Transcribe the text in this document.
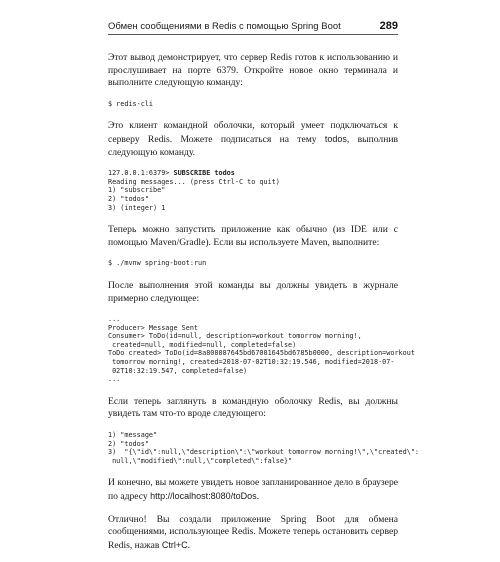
Обмен сообщениями в Redis с помощью Spring Boot	289

Этот вывод демонстрирует, что сервер Redis готов к использованию и прослушивает на порте 6379. Откройте новое окно терминала и выполните следующую команду:

$ redis-cli

Это клиент командной оболочки, который умеет подключаться к серверу Redis. Можете подписаться на тему todos, выполнив следующую команду.

127.0.0.1:6379> SUBSCRIBE todos
Reading messages... (press Ctrl-C to quit)
1) "subscribe"
2) "todos"
3) (integer) 1

Теперь можно запустить приложение как обычно (из IDE или с помощью Maven/Gradle). Если вы используете Maven, выполните:

$ ./mvnw spring-boot:run

После выполнения этой команды вы должны увидеть в журнале примерно следующее:

...
Producer> Message Sent
Consumer> ToDo(id=null, description=workout tomorrow morning!,
created=null, modified=null, completed=false)
ToDo created> ToDo(id=8a808087645bd67001645bd6785b0000, description=workout
tomorrow morning!, created=2018-07-02T10:32:19.546, modified=2018-07-
02T10:32:19.547, completed=false)
...

Если теперь заглянуть в командную оболочку Redis, вы должны увидеть там что-то вроде следующего:

1) "message"
2) "todos"
3)  "{\"id\":null,\"description\":\"workout tomorrow morning!\",\"created\":
null,\"modified\":null,\"completed\":false}"

И конечно, вы можете увидеть новое запланированное дело в браузере по адресу http://localhost:8080/toDos.

Отлично! Вы создали приложение Spring Boot для обмена сообщениями, использующее Redis. Можете теперь остановить сервер Redis, нажав Ctrl+C.
